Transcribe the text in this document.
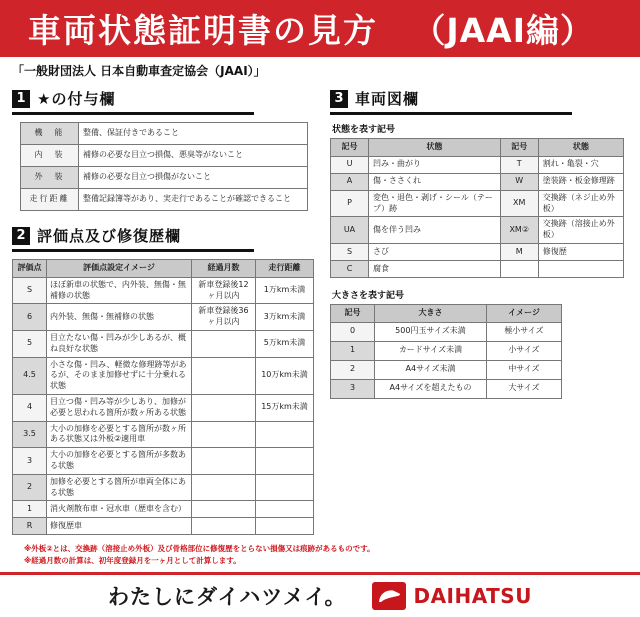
車両状態証明書の見方 （JAAI編）
「一般財団法人 日本自動車査定協会（JAAI）」
1 ★の付与欄
機　能	整備、保証付きであること
内　装	補修の必要な目立つ損傷、悪臭等がないこと
外　装	補修の必要な目立つ損傷がないこと
走行距離	整備記録簿等があり、実走行であることが確認できること
2 評価点及び修復歴欄
評価点	評価点設定イメージ	経過月数	走行距離
S	ほぼ新車の状態で、内外装、無傷・無補修の状態	新車登録後12ヶ月以内	1万km未満
6	内外装、無傷・無補修の状態	新車登録後36ヶ月以内	3万km未満
5	目立たない傷・凹みが少しあるが、概ね良好な状態		5万km未満
4.5	小さな傷・凹み、軽微な修理跡等があるが、そのまま加修せずに十分乗れる状態		10万km未満
4	目立つ傷・凹み等が少しあり、加修が必要と思われる箇所が数ヶ所ある状態		15万km未満
3.5	大小の加修を必要とする箇所が数ヶ所ある状態又は外板②適用車		
3	大小の加修を必要とする箇所が多数ある状態		
2	加修を必要とする箇所が車両全体にある状態		
1	消火剤散布車・冠水車（歴車を含む）		
R	修復歴車		
3 車両図欄
状態を表す記号
記号	状態	記号	状態
U	凹み・曲がり	T	割れ・亀裂・穴
A	傷・ささくれ	W	塗装跡・板金修理跡
P	変色・退色・剥げ・シール（テープ）跡	XM	交換跡（ネジ止め外板）
UA	傷を伴う凹み	XM②	交換跡（溶接止め外板）
S	さび	M	修復歴
C	腐食		
大きさを表す記号
記号	大きさ	イメージ
0	500円玉サイズ未満	極小サイズ
1	カードサイズ未満	小サイズ
2	A4サイズ未満	中サイズ
3	A4サイズを超えたもの	大サイズ
※外板②とは、交換跡（溶接止め外板）及び骨格部位に修復歴をとらない損傷又は痕跡があるものです。
※経過月数の計算は、初年度登録月を一ヶ月として計算します。
わたしにダイハツメイ。	DAIHATSU
